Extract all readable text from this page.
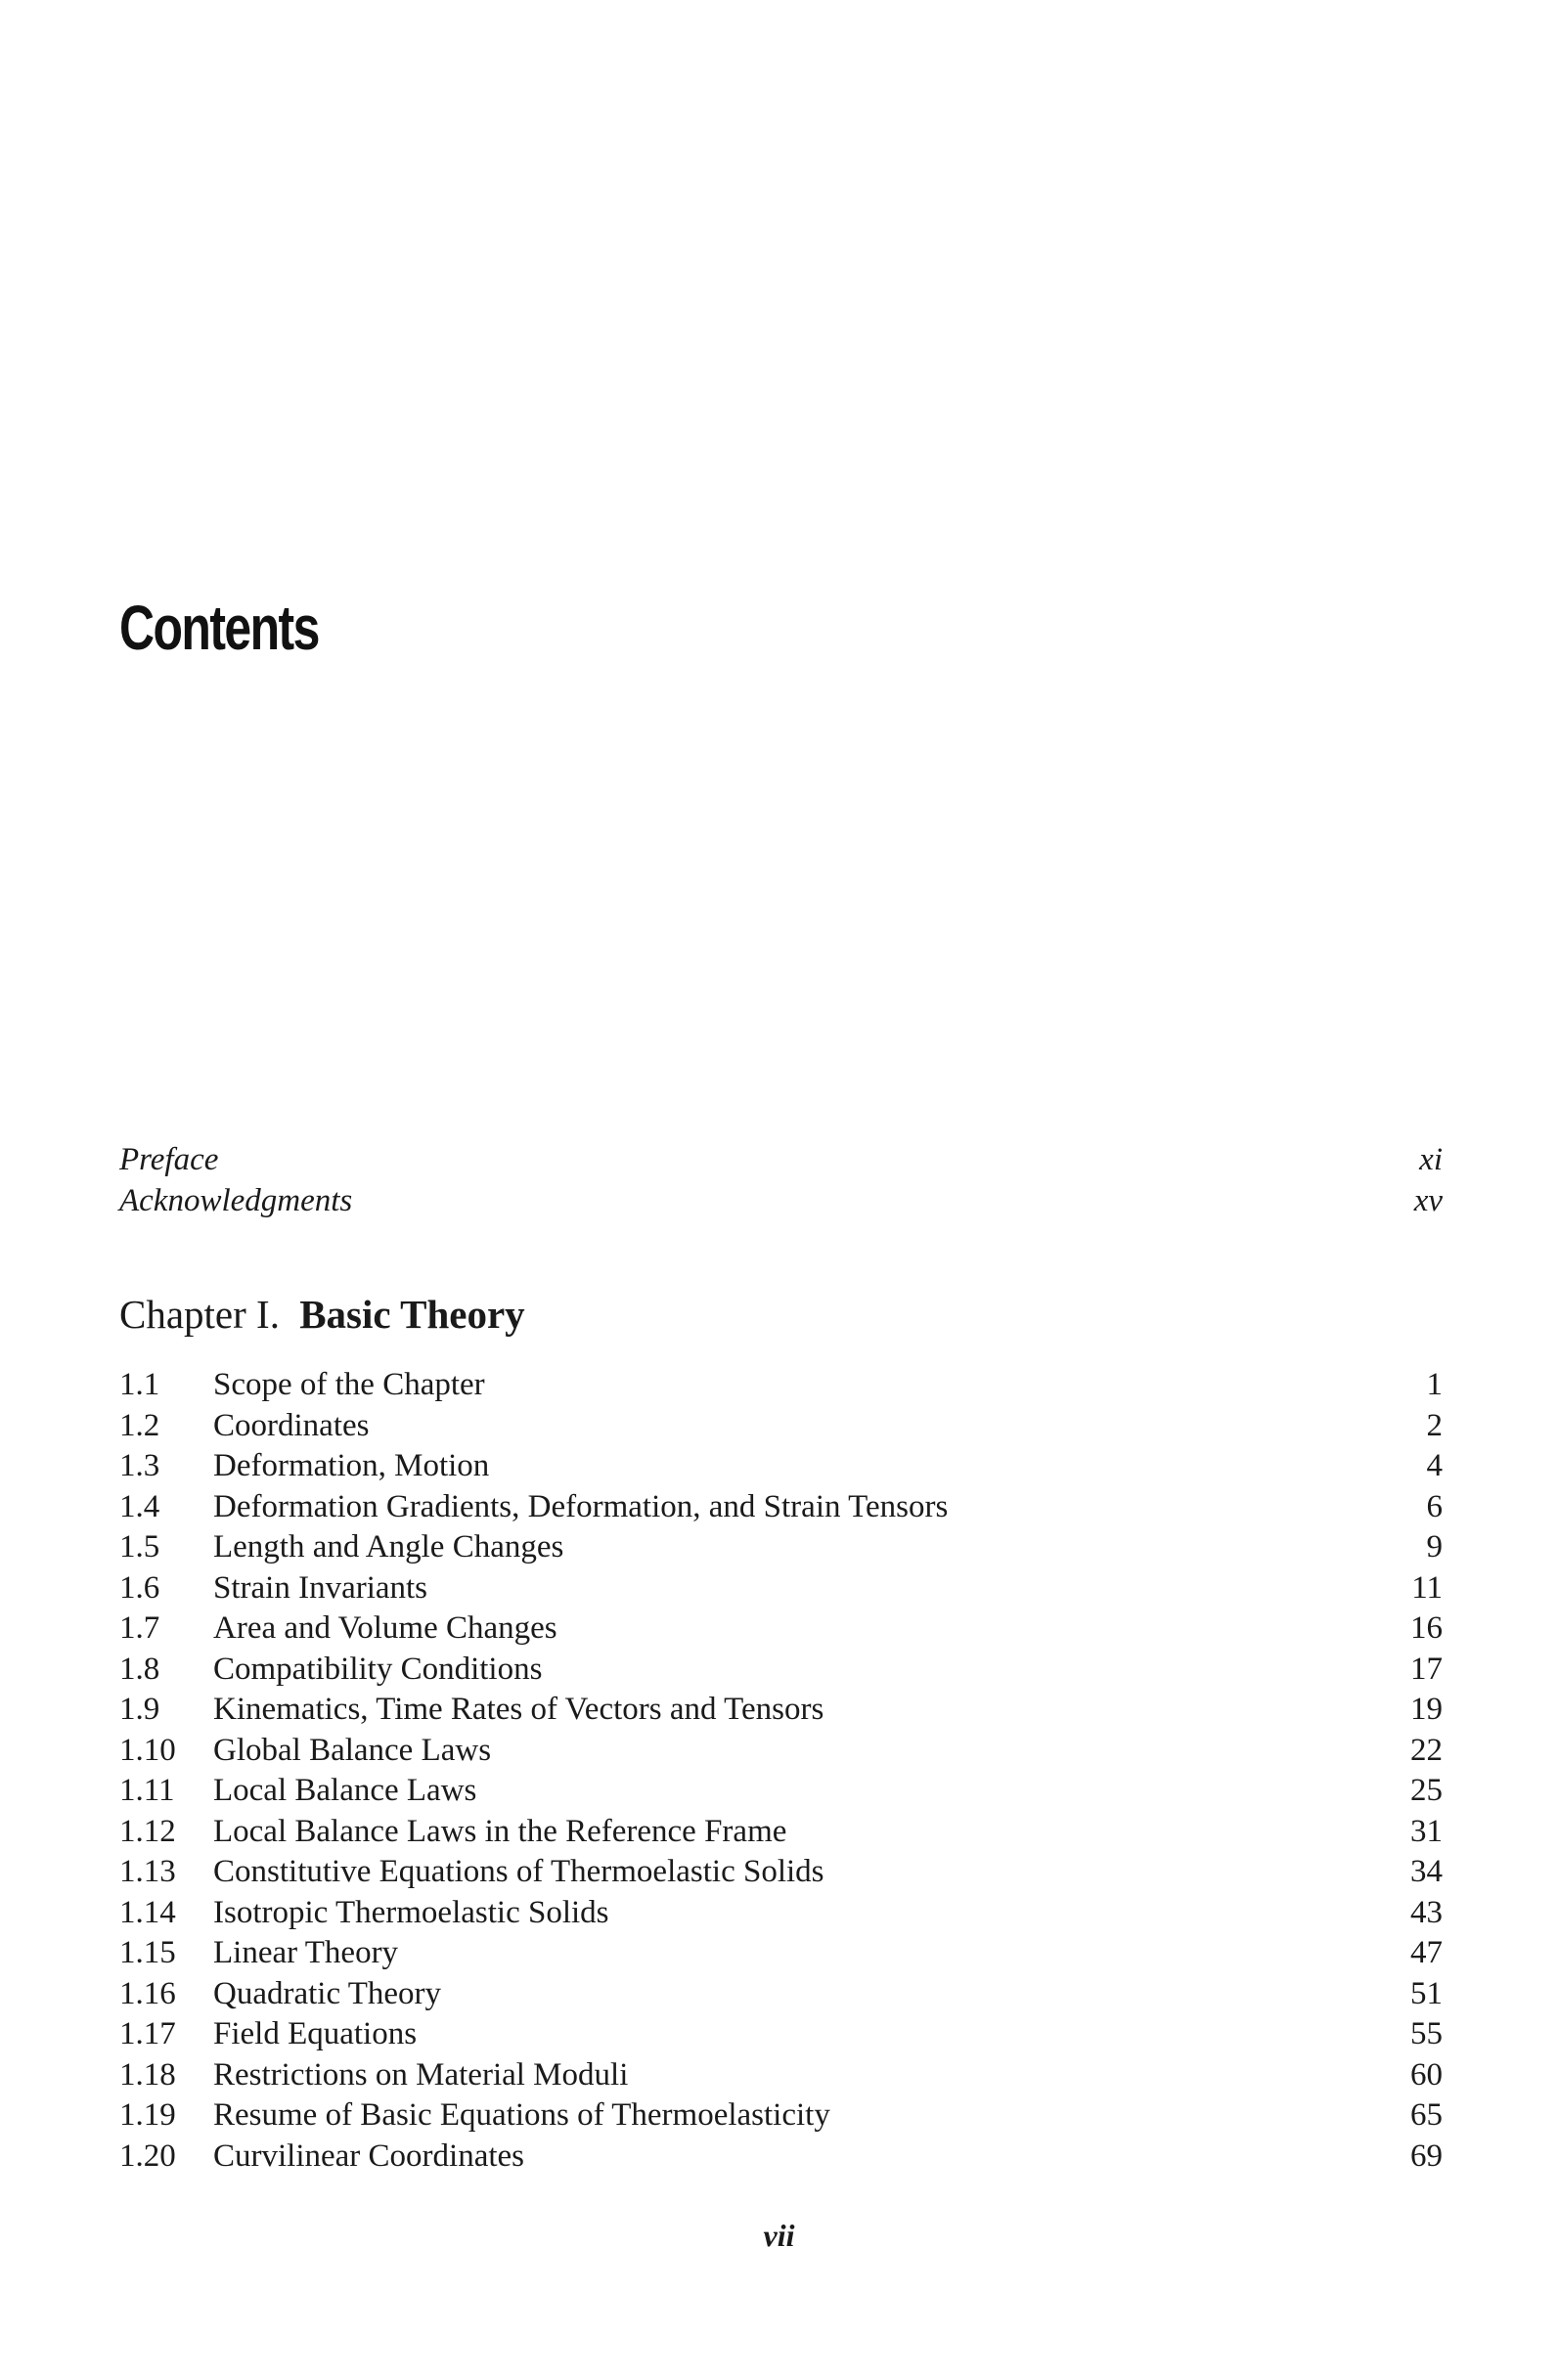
Contents
Preface	xi
Acknowledgments	xv
Chapter I. Basic Theory
1.1 Scope of the Chapter	1
1.2 Coordinates	2
1.3 Deformation, Motion	4
1.4 Deformation Gradients, Deformation, and Strain Tensors	6
1.5 Length and Angle Changes	9
1.6 Strain Invariants	11
1.7 Area and Volume Changes	16
1.8 Compatibility Conditions	17
1.9 Kinematics, Time Rates of Vectors and Tensors	19
1.10 Global Balance Laws	22
1.11 Local Balance Laws	25
1.12 Local Balance Laws in the Reference Frame	31
1.13 Constitutive Equations of Thermoelastic Solids	34
1.14 Isotropic Thermoelastic Solids	43
1.15 Linear Theory	47
1.16 Quadratic Theory	51
1.17 Field Equations	55
1.18 Restrictions on Material Moduli	60
1.19 Resume of Basic Equations of Thermoelasticity	65
1.20 Curvilinear Coordinates	69
vii
